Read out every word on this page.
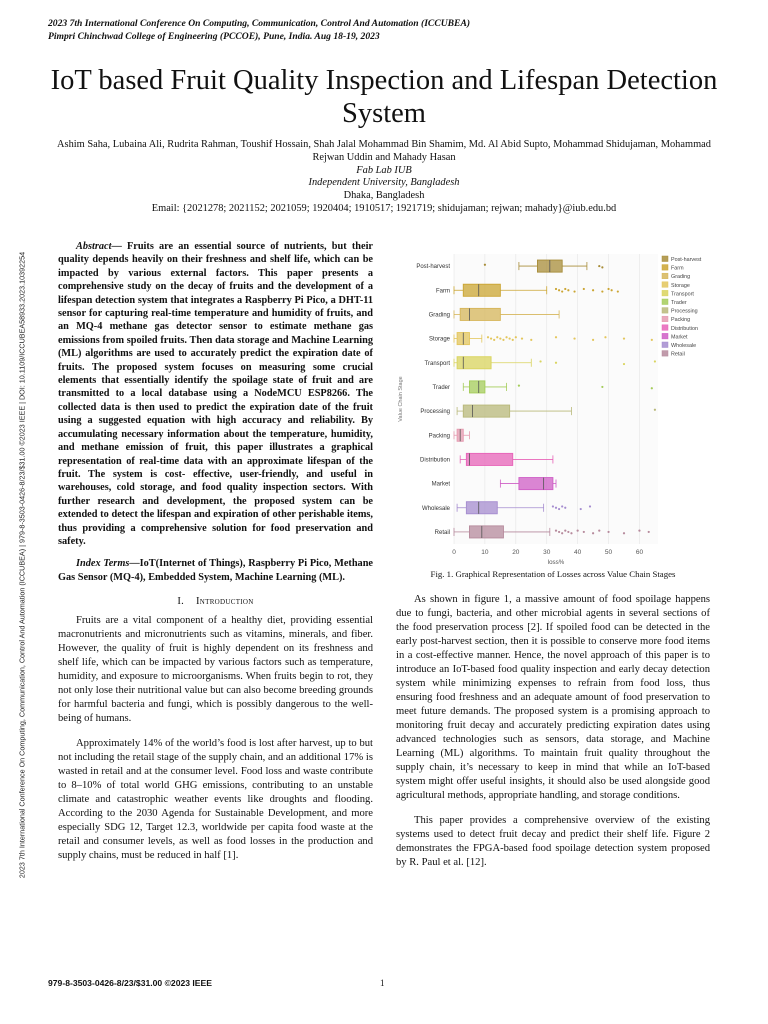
2023 7th International Conference On Computing, Communication, Control And Automation (ICCUBEA)
Pimpri Chinchwad College of Engineering (PCCOE), Pune, India. Aug 18-19, 2023
IoT based Fruit Quality Inspection and Lifespan Detection System
Ashim Saha, Lubaina Ali, Rudrita Rahman, Toushif Hossain, Shah Jalal Mohammad Bin Shamim, Md. Al Abid Supto, Mohammad Shidujaman, Mohammad Rejwan Uddin and Mahady Hasan
Fab Lab IUB
Independent University, Bangladesh
Dhaka, Bangladesh
Email: {2021278; 2021152; 2021059; 1920404; 1910517; 1921719; shidujaman; rejwan; mahady}@iub.edu.bd
2023 7th International Conference On Computing, Communication, Control And Automation (ICCUBEA) | 979-8-3503-0426-8/23/$31.00 ©2023 IEEE | DOI: 10.1109/ICCUBEA58933.2023.10392254

Abstract— Fruits are an essential source of nutrients, but their quality depends heavily on their freshness and shelf life, which can be impacted by various external factors. This paper presents a comprehensive study on the decay of fruits and the development of a lifespan detection system that integrates a Raspberry Pi Pico, a DHT-11 sensor for capturing real-time temperature and humidity of fruits, and an MQ-4 methane gas detector sensor to estimate methane gas emissions from spoiled fruits. Then data storage and Machine Learning (ML) algorithms are used to accurately predict the expiration date of fruits. The proposed system focuses on measuring some crucial elements that essentially identify the spoilage state of fruit and are transmitted to a local database using a NodeMCU ESP8266. The collected data is then used to predict the expiration date of the fruit using a suggested equation with high accuracy and reliability. By accumulating necessary information about the temperature, humidity, and methane emission of fruit, this paper illustrates a graphical representation of real-time data with an approximate lifespan of the fruit. The system is cost- effective, user-friendly, and useful in warehouses, cold storage, and food quality inspection sectors. With further research and development, the proposed system can be extended to detect the lifespan and expiration of other perishable items, thus providing a comprehensive solution for food preservation and safety.

Index Terms—IoT(Internet of Things), Raspberry Pi Pico, Methane Gas Sensor (MQ-4), Embedded System, Machine Learning (ML).

I. Introduction

Fruits are a vital component of a healthy diet, providing essential macronutrients and micronutrients such as vitamins, minerals, and fiber. However, the quality of fruit is highly dependent on its freshness and shelf life, which can be impacted by various factors such as temperature, humidity, and exposure to microorganisms. When fruits begin to rot, they not only lose their nutritional value but can also become breeding grounds for harmful bacteria and fungi, which is possibly dangerous to the well-being of humans.

Approximately 14% of the world’s food is lost after harvest, up to but not including the retail stage of the supply chain, and an additional 17% is wasted in retail and at the consumer level. Food loss and waste contribute to 8–10% of total world GHG emissions, contributing to an unstable climate and catastrophic weather events like droughts and flooding. According to the 2030 Agenda for Sustainable Development, and more especially SDG 12, Target 12.3, worldwide per capita food waste at the retail and consumer levels, as well as food losses in the production and supply chains, must be reduced in half [1].

0	10	20	30	40	50	60
loss%
Value Chain Stage
Post-harvest
Farm
Grading
Storage
Transport
Trader
Processing
Packing
Distribution
Market
Wholesale
Retail
Post-harvest
Farm
Grading
Storage
Transport
Trader
Processing
Packing
Distribution
Market
Wholesale
Retail
Fig. 1. Graphical Representation of Losses across Value Chain Stages

As shown in figure 1, a massive amount of food spoilage happens due to fungi, bacteria, and other microbial agents in several sections of the food preservation process [2]. If spoiled food can be detected in the early post-harvest section, then it is possible to conserve more food items in a cost-effective manner. Hence, the novel approach of this paper is to introduce an IoT-based food quality inspection and early decay detection system while minimizing expenses to refrain from food loss, thus ensuring food freshness and an adequate amount of food preservation to meet future demands. The proposed system is a promising approach to monitoring fruit decay and accurately predicting expiration dates using advanced technologies such as sensors, data storage, and Machine Learning (ML) algorithms. To maintain fruit quality throughout the supply chain, it’s necessary to keep in mind that while an IoT-based system might offer useful insights, it should also be used alongside good agricultural methods, appropriate handling, and storage conditions.

This paper provides a comprehensive overview of the existing systems used to detect fruit decay and predict their shelf life. Figure 2 demonstrates the FPGA-based food spoilage detection system proposed by R. Paul et al. [12].

979-8-3503-0426-8/23/$31.00 ©2023 IEEE	1
